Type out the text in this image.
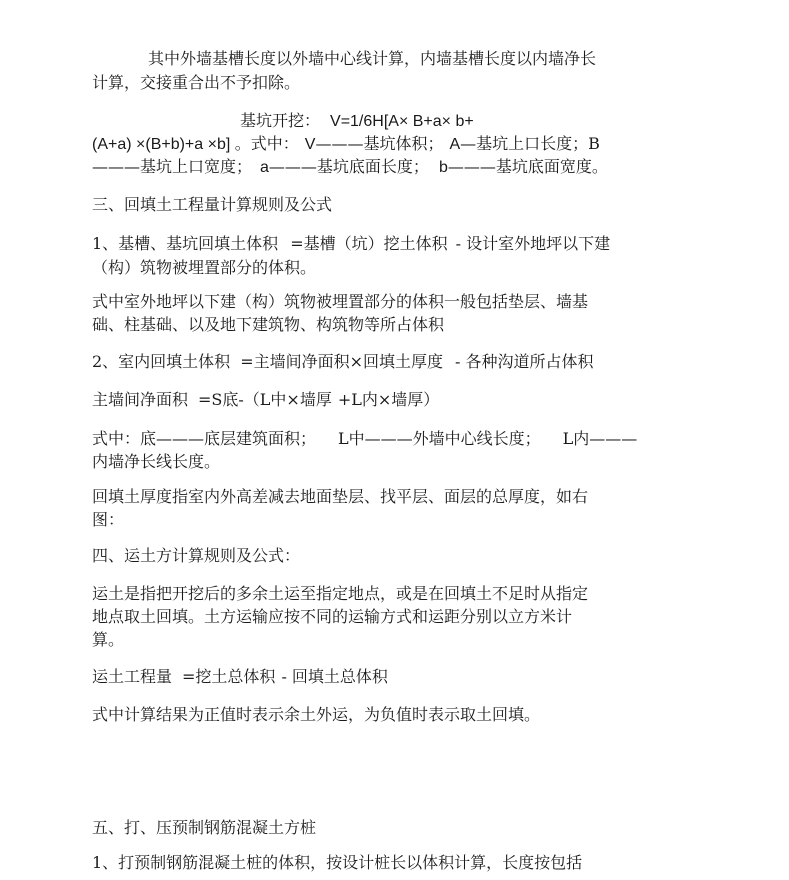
其中外墙基槽长度以外墙中心线计算，内墙基槽长度以内墙净长
计算，交接重合出不予扣除。
基坑开挖： V=1/6H[A× B+a× b+
(A+a) ×(B+b)+a ×b] 。式中： V———基坑体积； A—基坑上口长度；B
———基坑上口宽度； a———基坑底面长度； b———基坑底面宽度。
三、回填土工程量计算规则及公式
1、基槽、基坑回填土体积 =基槽（坑）挖土体积 - 设计室外地坪以下建
（构）筑物被埋置部分的体积。
式中室外地坪以下建（构）筑物被埋置部分的体积一般包括垫层、墙基
础、柱基础、以及地下建筑物、构筑物等所占体积
2、室内回填土体积 =主墙间净面积×回填土厚度 - 各种沟道所占体积
主墙间净面积 =S底-（L中×墙厚 +L内×墙厚）
式中：底———底层建筑面积； L中———外墙中心线长度； L内———
内墙净长线长度。
回填土厚度指室内外高差减去地面垫层、找平层、面层的总厚度，如右
图：
四、运土方计算规则及公式：
运土是指把开挖后的多余土运至指定地点，或是在回填土不足时从指定
地点取土回填。土方运输应按不同的运输方式和运距分别以立方米计
算。
运土工程量 =挖土总体积 - 回填土总体积
式中计算结果为正值时表示余土外运，为负值时表示取土回填。
五、打、压预制钢筋混凝土方桩
1、打预制钢筋混凝土桩的体积，按设计桩长以体积计算，长度按包括
